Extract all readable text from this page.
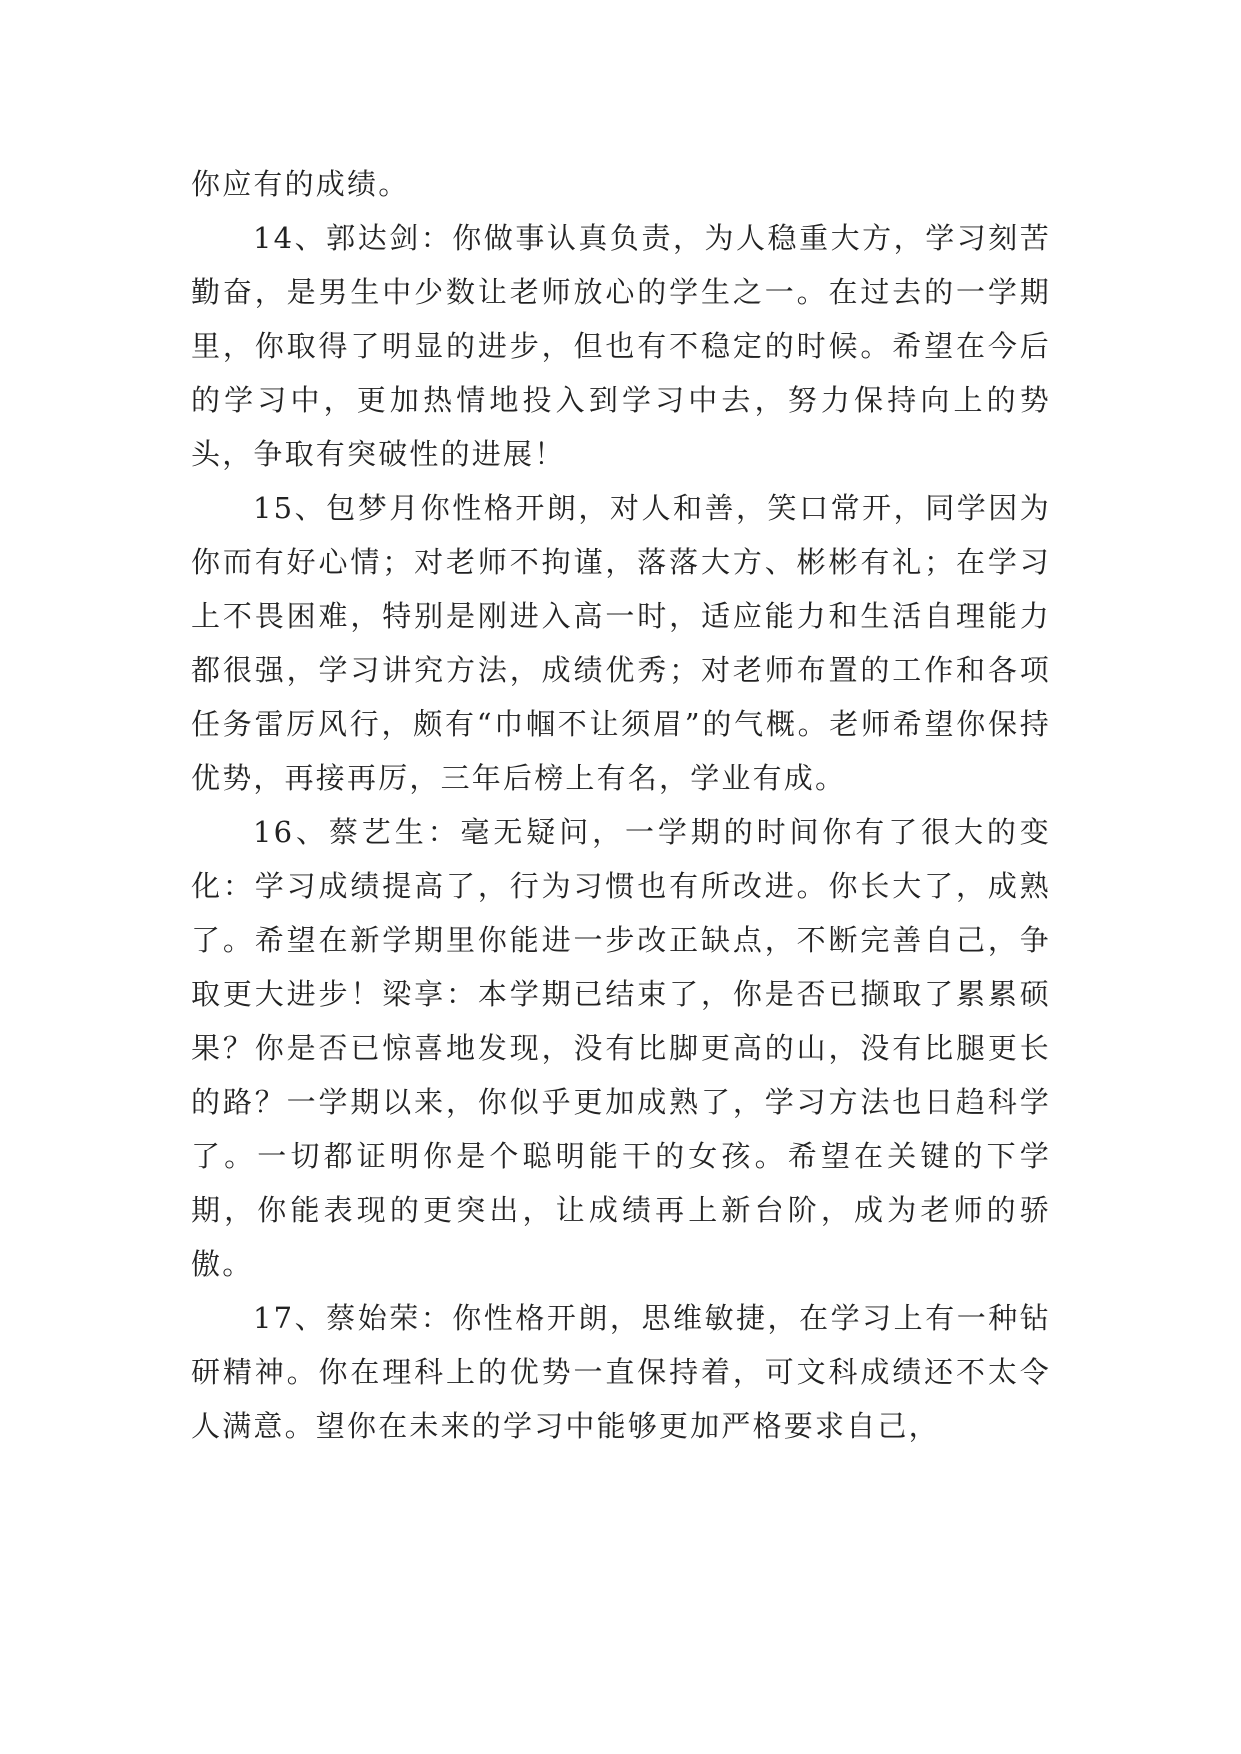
你应有的成绩。

14、郭达剑：你做事认真负责，为人稳重大方，学习刻苦勤奋，是男生中少数让老师放心的学生之一。在过去的一学期里，你取得了明显的进步，但也有不稳定的时候。希望在今后的学习中，更加热情地投入到学习中去，努力保持向上的势头，争取有突破性的进展！

15、包梦月你性格开朗，对人和善，笑口常开，同学因为你而有好心情；对老师不拘谨，落落大方、彬彬有礼；在学习上不畏困难，特别是刚进入高一时，适应能力和生活自理能力都很强，学习讲究方法，成绩优秀；对老师布置的工作和各项任务雷厉风行，颇有“巾帼不让须眉”的气概。老师希望你保持优势，再接再厉，三年后榜上有名，学业有成。

16、蔡艺生：毫无疑问，一学期的时间你有了很大的变化：学习成绩提高了，行为习惯也有所改进。你长大了，成熟了。希望在新学期里你能进一步改正缺点，不断完善自己，争取更大进步！梁享：本学期已结束了，你是否已撷取了累累硕果？你是否已惊喜地发现，没有比脚更高的山，没有比腿更长的路？一学期以来，你似乎更加成熟了，学习方法也日趋科学了。一切都证明你是个聪明能干的女孩。希望在关键的下学期，你能表现的更突出，让成绩再上新台阶，成为老师的骄傲。

17、蔡始荣：你性格开朗，思维敏捷，在学习上有一种钻研精神。你在理科上的优势一直保持着，可文科成绩还不太令人满意。望你在未来的学习中能够更加严格要求自己，
